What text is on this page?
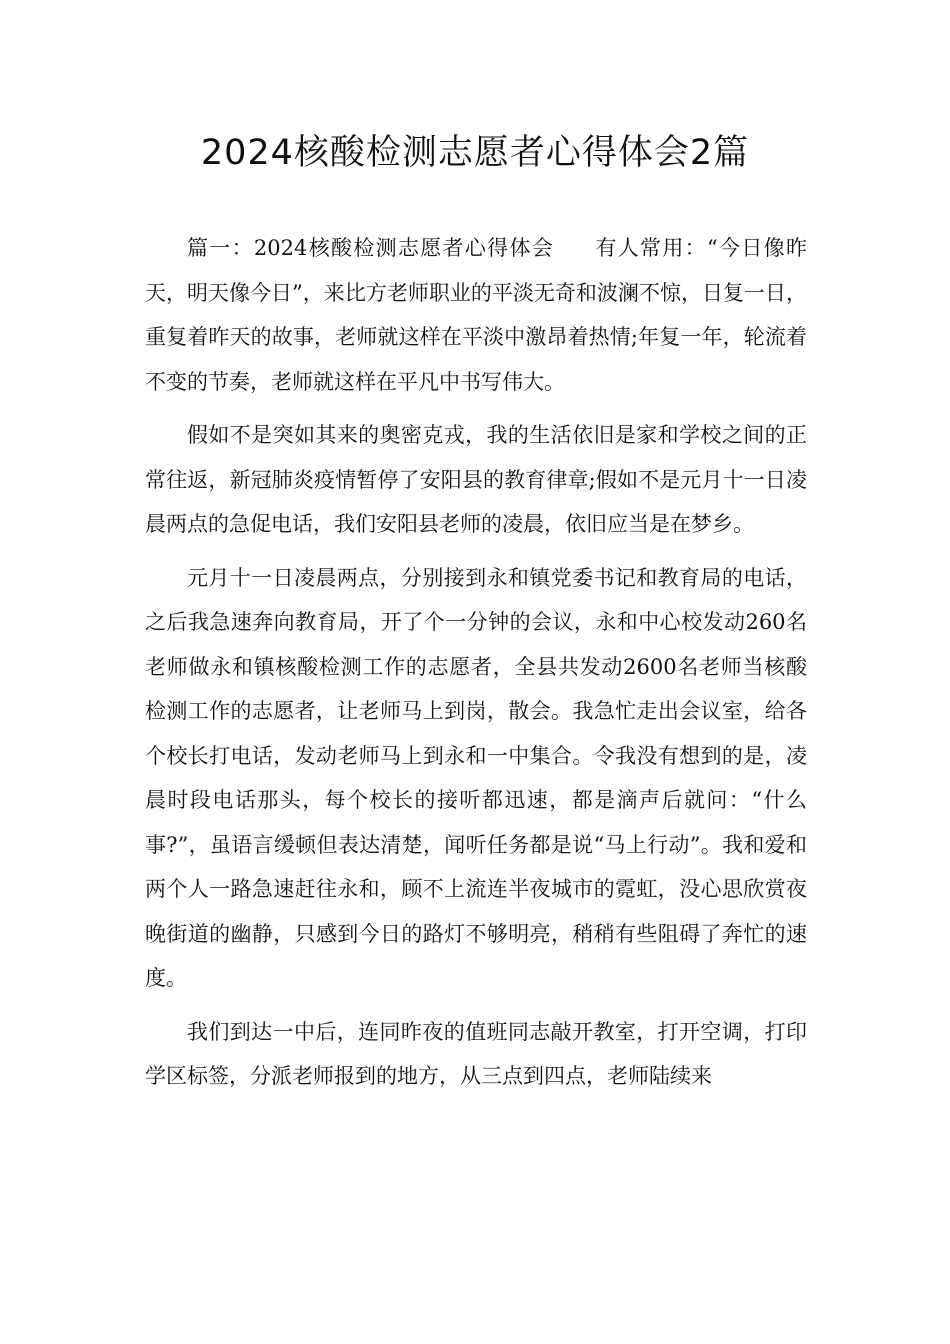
2024核酸检测志愿者心得体会2篇

篇一：2024核酸检测志愿者心得体会 有人常用：“今日像昨天，明天像今日”，来比方老师职业的平淡无奇和波澜不惊，日复一日，重复着昨天的故事，老师就这样在平淡中激昂着热情;年复一年，轮流着不变的节奏，老师就这样在平凡中书写伟大。

假如不是突如其来的奥密克戎，我的生活依旧是家和学校之间的正常往返，新冠肺炎疫情暂停了安阳县的教育律章;假如不是元月十一日凌晨两点的急促电话，我们安阳县老师的凌晨，依旧应当是在梦乡。

元月十一日凌晨两点，分别接到永和镇党委书记和教育局的电话，之后我急速奔向教育局，开了个一分钟的会议，永和中心校发动260名老师做永和镇核酸检测工作的志愿者，全县共发动2600名老师当核酸检测工作的志愿者，让老师马上到岗，散会。我急忙走出会议室，给各个校长打电话，发动老师马上到永和一中集合。令我没有想到的是，凌晨时段电话那头，每个校长的接听都迅速，都是滴声后就问：“什么事?”，虽语言缓顿但表达清楚，闻听任务都是说“马上行动”。我和爱和两个人一路急速赶往永和，顾不上流连半夜城市的霓虹，没心思欣赏夜晚街道的幽静，只感到今日的路灯不够明亮，稍稍有些阻碍了奔忙的速度。

我们到达一中后，连同昨夜的值班同志敲开教室，打开空调，打印学区标签，分派老师报到的地方，从三点到四点，老师陆续来
